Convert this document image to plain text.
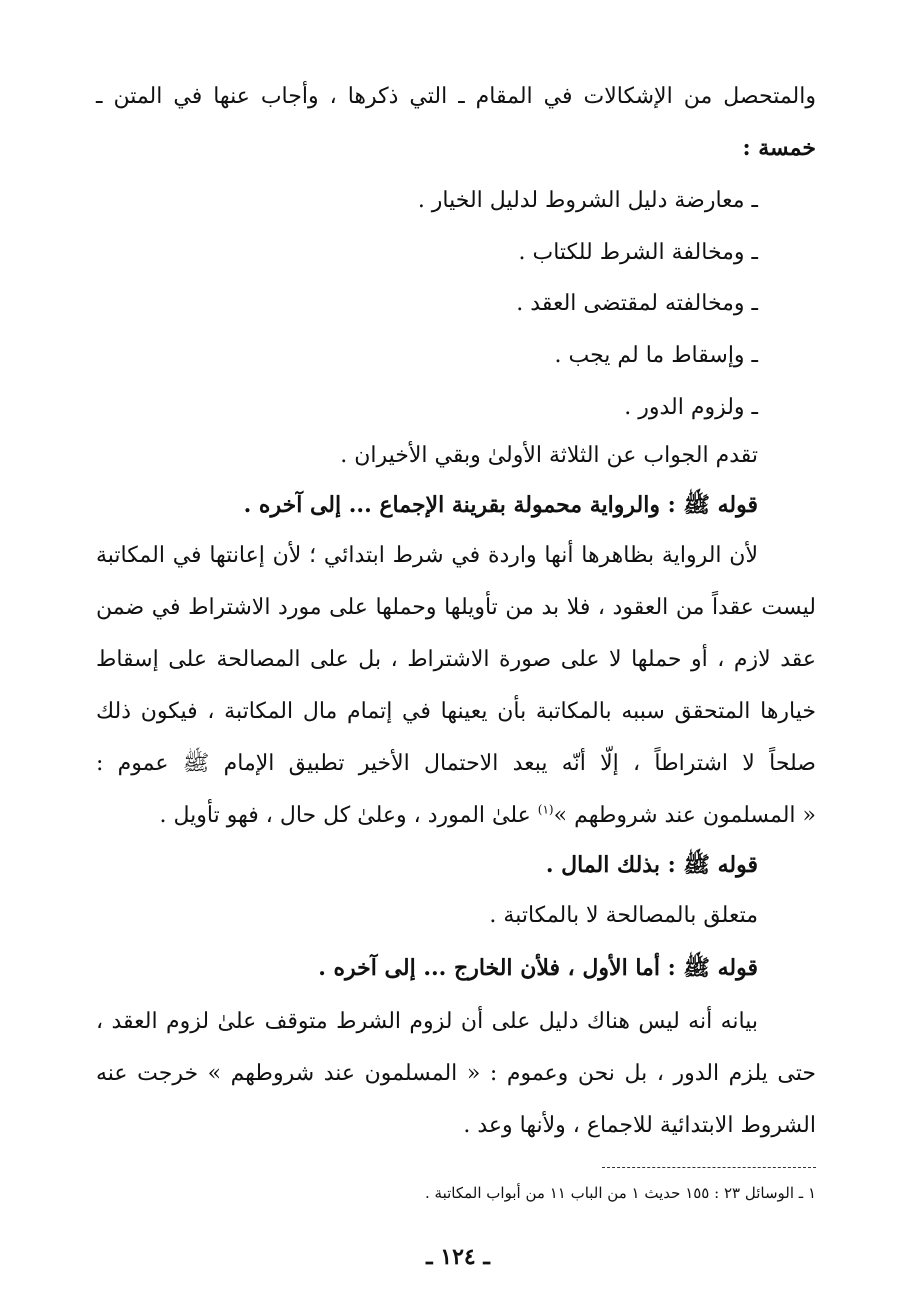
والمتحصل من الإشكالات في المقام ـ التي ذكرها ، وأجاب عنها في المتن ـ
خمسة :
ـ معارضة دليل الشروط لدليل الخيار .
ـ ومخالفة الشرط للكتاب .
ـ ومخالفته لمقتضى العقد .
ـ وإسقاط ما لم يجب .
ـ ولزوم الدور .
تقدم الجواب عن الثلاثة الأولىٰ وبقي الأخيران .
قوله ﷺ : والرواية محمولة بقرينة الإجماع ... إلى آخره .
لأن الرواية بظاهرها أنها واردة في شرط ابتدائي ؛ لأن إعانتها في المكاتبة
ليست عقداً من العقود ، فلا بد من تأويلها وحملها على مورد الاشتراط في ضمن
عقد لازم ، أو حملها لا على صورة الاشتراط ، بل على المصالحة على إسقاط
خيارها المتحقق سببه بالمكاتبة بأن يعينها في إتمام مال المكاتبة ، فيكون ذلك
صلحاً لا اشتراطاً ، إلّا أنّه يبعد الاحتمال الأخير تطبيق الإمام ﷺ عموم :
« المسلمون عند شروطهم »$^{(١)}$ علىٰ المورد ، وعلىٰ كل حال ، فهو تأويل .
قوله ﷺ : بذلك المال .
متعلق بالمصالحة لا بالمكاتبة .
قوله ﷺ : أما الأول ، فلأن الخارج ... إلى آخره .
بيانه أنه ليس هناك دليل على أن لزوم الشرط متوقف علىٰ لزوم العقد ،
حتى يلزم الدور ، بل نحن وعموم : « المسلمون عند شروطهم » خرجت عنه
الشروط الابتدائية للاجماع ، ولأنها وعد .
١ ـ الوسائل ٢٣ : ١٥٥ حديث ١ من الباب ١١ من أبواب المكاتبة .
ـ ١٢٤ ـ
